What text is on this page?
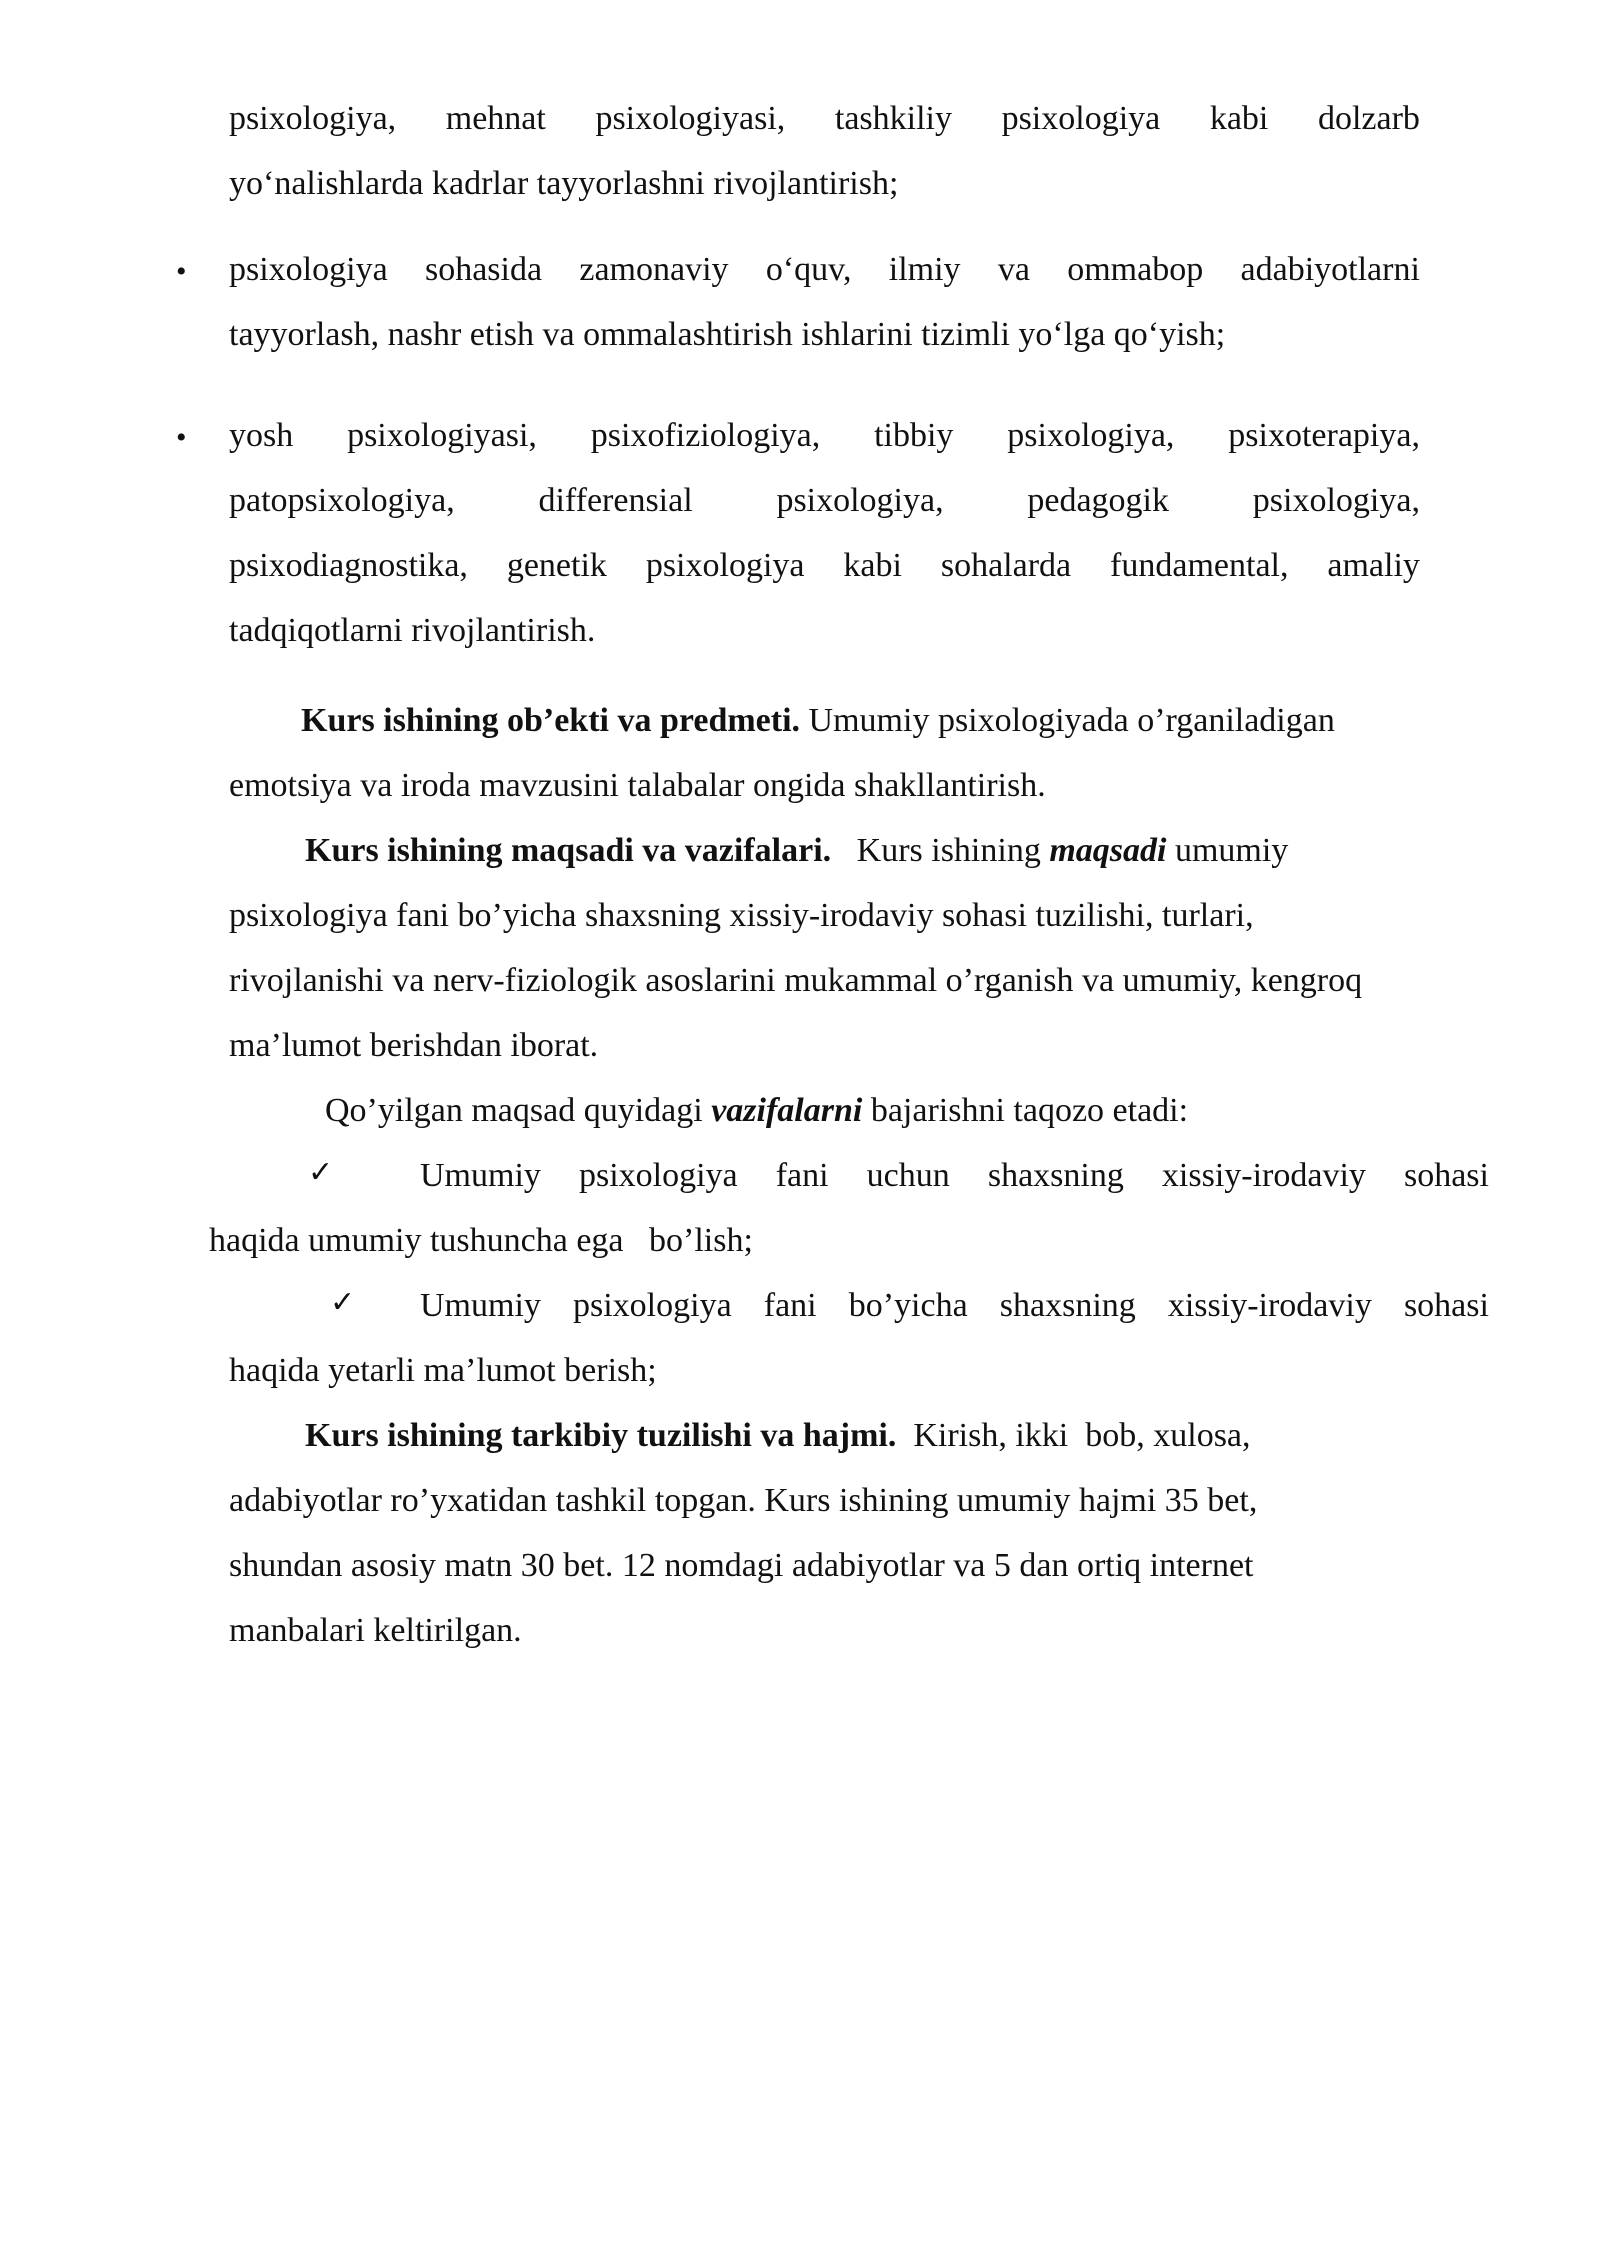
psixologiya, mehnat psixologiyasi, tashkiliy psixologiya kabi dolzarb
yo‘nalishlarda kadrlar tayyorlashni rivojlantirish;
• psixologiya sohasida zamonaviy o‘quv, ilmiy va ommabop adabiyotlarni
tayyorlash, nashr etish va ommalashtirish ishlarini tizimli yo‘lga qo‘yish;
• yosh psixologiyasi, psixofiziologiya, tibbiy psixologiya, psixoterapiya,
patopsixologiya, differensial psixologiya, pedagogik psixologiya,
psixodiagnostika, genetik psixologiya kabi sohalarda fundamental, amaliy
tadqiqotlarni rivojlantirish.
Kurs ishining ob’ekti va predmeti. Umumiy psixologiyada o’rganiladigan
emotsiya va iroda mavzusini talabalar ongida shakllantirish.
Kurs ishining maqsadi va vazifalari.   Kurs ishining maqsadi umumiy
psixologiya fani bo’yicha shaxsning xissiy-irodaviy sohasi tuzilishi, turlari,
rivojlanishi va nerv-fiziologik asoslarini mukammal o’rganish va umumiy, kengroq
ma’lumot berishdan iborat.
Qo’yilgan maqsad quyidagi vazifalarni bajarishni taqozo etadi:
✓	Umumiy psixologiya fani uchun shaxsning xissiy-irodaviy sohasi
haqida umumiy tushuncha ega   bo’lish;
✓ Umumiy psixologiya fani bo’yicha shaxsning xissiy-irodaviy sohasi
haqida yetarli ma’lumot berish;
Kurs ishining tarkibiy tuzilishi va hajmi.  Kirish, ikki  bob, xulosa,
adabiyotlar ro’yxatidan tashkil topgan. Kurs ishining umumiy hajmi 35 bet,
shundan asosiy matn 30 bet. 12 nomdagi adabiyotlar va 5 dan ortiq internet
manbalari keltirilgan.
